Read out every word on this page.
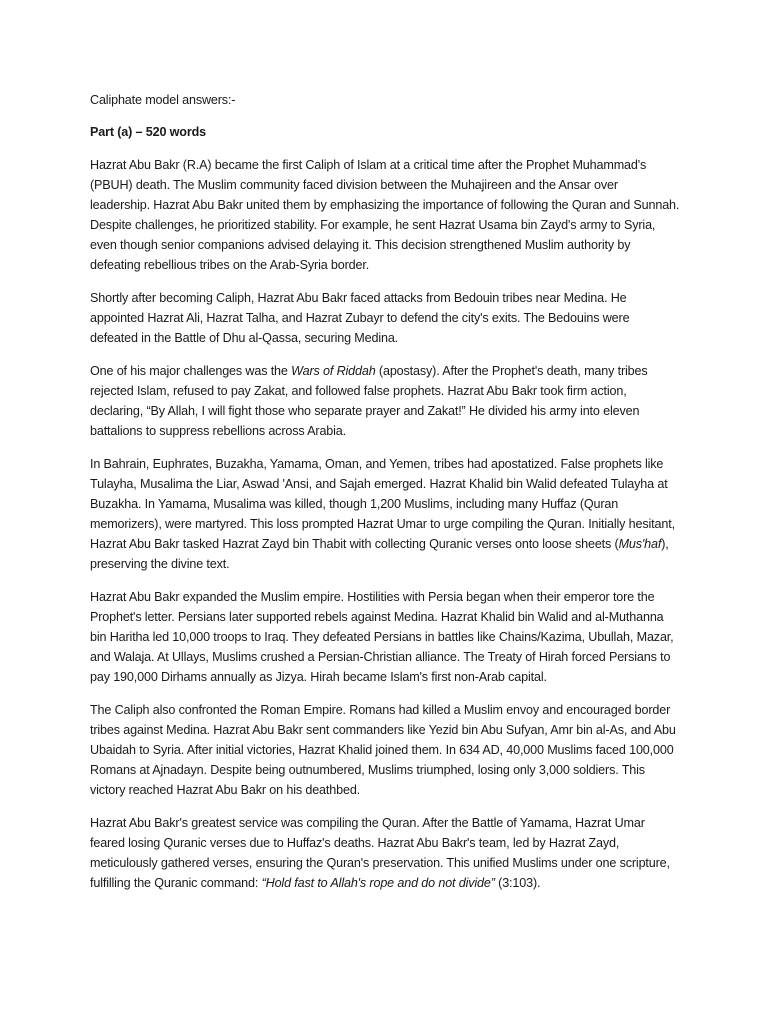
Caliphate model answers:-

Part (a) – 520 words

Hazrat Abu Bakr (R.A) became the first Caliph of Islam at a critical time after the Prophet Muhammad's (PBUH) death. The Muslim community faced division between the Muhajireen and the Ansar over leadership. Hazrat Abu Bakr united them by emphasizing the importance of following the Quran and Sunnah. Despite challenges, he prioritized stability. For example, he sent Hazrat Usama bin Zayd's army to Syria, even though senior companions advised delaying it. This decision strengthened Muslim authority by defeating rebellious tribes on the Arab-Syria border.

Shortly after becoming Caliph, Hazrat Abu Bakr faced attacks from Bedouin tribes near Medina. He appointed Hazrat Ali, Hazrat Talha, and Hazrat Zubayr to defend the city's exits. The Bedouins were defeated in the Battle of Dhu al-Qassa, securing Medina.

One of his major challenges was the Wars of Riddah (apostasy). After the Prophet's death, many tribes rejected Islam, refused to pay Zakat, and followed false prophets. Hazrat Abu Bakr took firm action, declaring, “By Allah, I will fight those who separate prayer and Zakat!” He divided his army into eleven battalions to suppress rebellions across Arabia.

In Bahrain, Euphrates, Buzakha, Yamama, Oman, and Yemen, tribes had apostatized. False prophets like Tulayha, Musalima the Liar, Aswad 'Ansi, and Sajah emerged. Hazrat Khalid bin Walid defeated Tulayha at Buzakha. In Yamama, Musalima was killed, though 1,200 Muslims, including many Huffaz (Quran memorizers), were martyred. This loss prompted Hazrat Umar to urge compiling the Quran. Initially hesitant, Hazrat Abu Bakr tasked Hazrat Zayd bin Thabit with collecting Quranic verses onto loose sheets (Mus'haf), preserving the divine text.

Hazrat Abu Bakr expanded the Muslim empire. Hostilities with Persia began when their emperor tore the Prophet's letter. Persians later supported rebels against Medina. Hazrat Khalid bin Walid and al-Muthanna bin Haritha led 10,000 troops to Iraq. They defeated Persians in battles like Chains/Kazima, Ubullah, Mazar, and Walaja. At Ullays, Muslims crushed a Persian-Christian alliance. The Treaty of Hirah forced Persians to pay 190,000 Dirhams annually as Jizya. Hirah became Islam's first non-Arab capital.

The Caliph also confronted the Roman Empire. Romans had killed a Muslim envoy and encouraged border tribes against Medina. Hazrat Abu Bakr sent commanders like Yezid bin Abu Sufyan, Amr bin al-As, and Abu Ubaidah to Syria. After initial victories, Hazrat Khalid joined them. In 634 AD, 40,000 Muslims faced 100,000 Romans at Ajnadayn. Despite being outnumbered, Muslims triumphed, losing only 3,000 soldiers. This victory reached Hazrat Abu Bakr on his deathbed.

Hazrat Abu Bakr's greatest service was compiling the Quran. After the Battle of Yamama, Hazrat Umar feared losing Quranic verses due to Huffaz's deaths. Hazrat Abu Bakr's team, led by Hazrat Zayd, meticulously gathered verses, ensuring the Quran's preservation. This unified Muslims under one scripture, fulfilling the Quranic command: “Hold fast to Allah's rope and do not divide” (3:103).
